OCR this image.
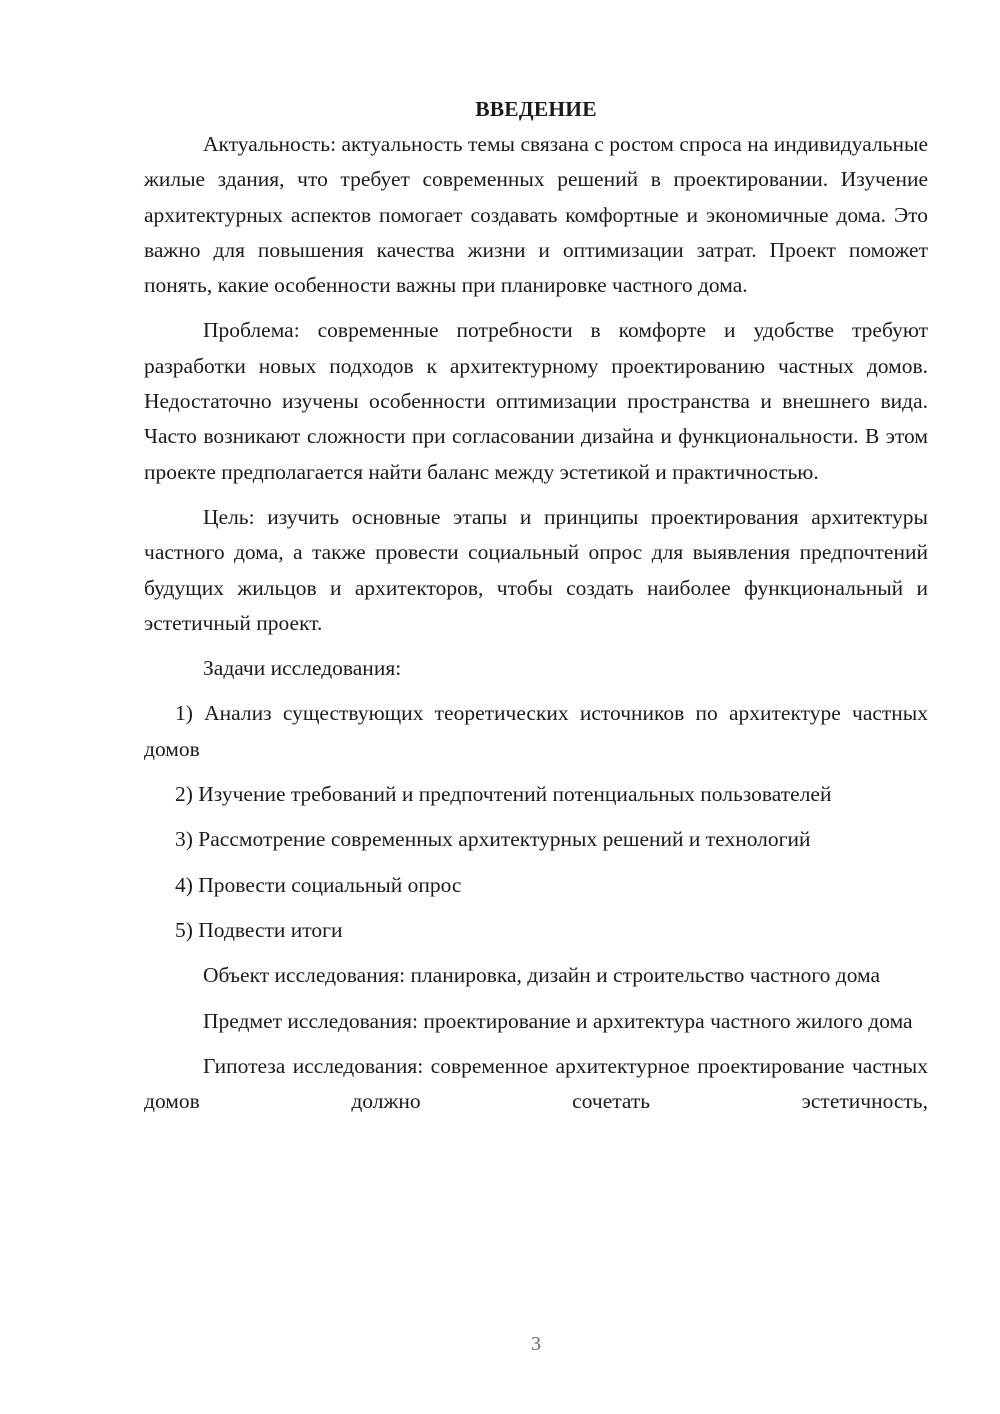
ВВЕДЕНИЕ

Актуальность: актуальность темы связана с ростом спроса на индивидуальные жилые здания, что требует современных решений в проектировании. Изучение архитектурных аспектов помогает создавать комфортные и экономичные дома. Это важно для повышения качества жизни и оптимизации затрат. Проект поможет понять, какие особенности важны при планировке частного дома.

Проблема: современные потребности в комфорте и удобстве требуют разработки новых подходов к архитектурному проектированию частных домов. Недостаточно изучены особенности оптимизации пространства и внешнего вида. Часто возникают сложности при согласовании дизайна и функциональности. В этом проекте предполагается найти баланс между эстетикой и практичностью.

Цель: изучить основные этапы и принципы проектирования архитектуры частного дома, а также провести социальный опрос для выявления предпочтений будущих жильцов и архитекторов, чтобы создать наиболее функциональный и эстетичный проект.

Задачи исследования:

1) Анализ существующих теоретических источников по архитектуре частных домов

2) Изучение требований и предпочтений потенциальных пользователей

3) Рассмотрение современных архитектурных решений и технологий

4) Провести социальный опрос

5) Подвести итоги

Объект исследования: планировка, дизайн и строительство частного дома

Предмет исследования: проектирование и архитектура частного жилого дома

Гипотеза исследования: современное архитектурное проектирование частных домов должно сочетать эстетичность,

3
